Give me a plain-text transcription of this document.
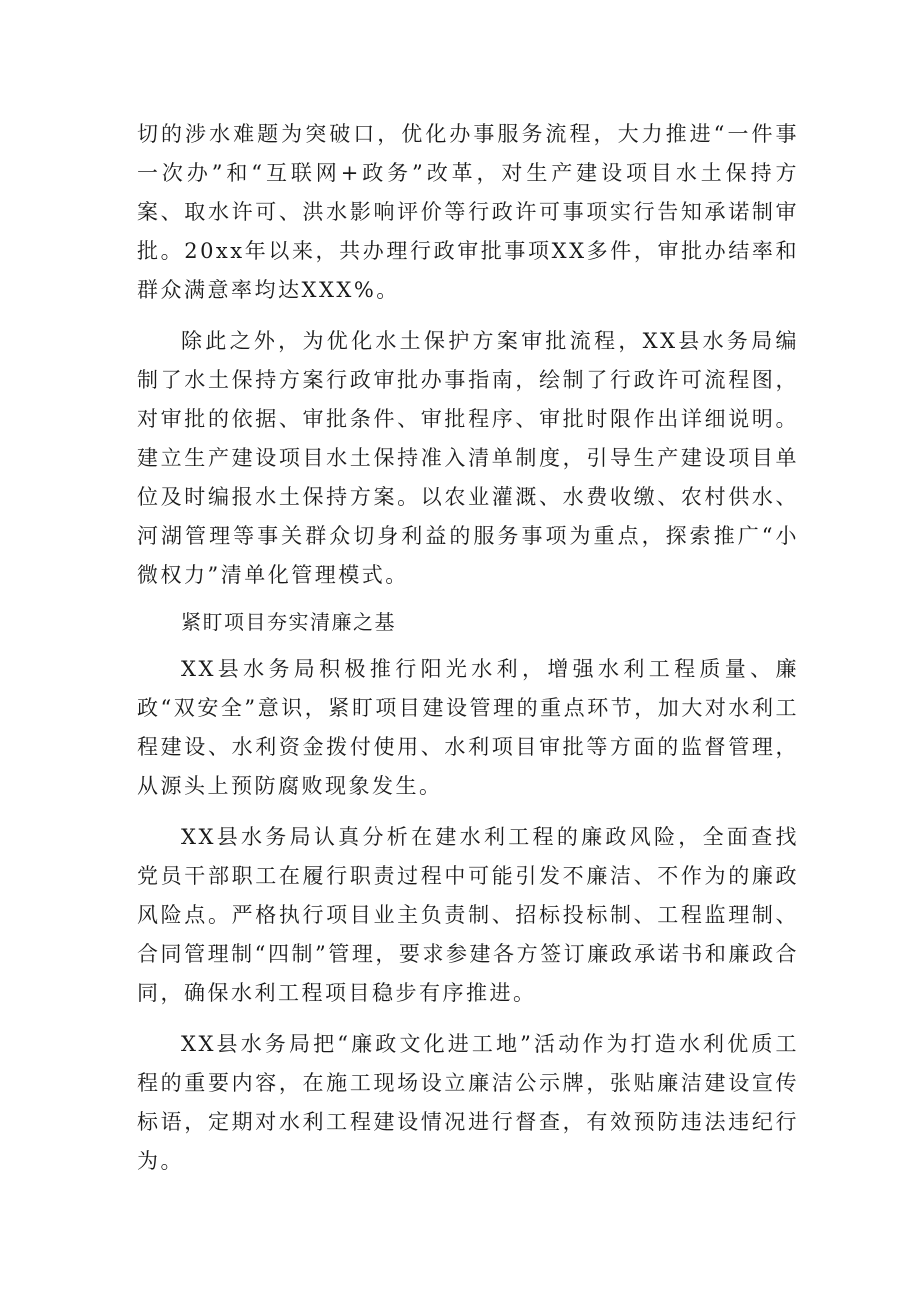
切的涉水难题为突破口，优化办事服务流程，大力推进“一件事一次办”和“互联网+政务”改革，对生产建设项目水土保持方案、取水许可、洪水影响评价等行政许可事项实行告知承诺制审批。20xx年以来，共办理行政审批事项XX多件，审批办结率和群众满意率均达XXX%。

除此之外，为优化水土保护方案审批流程，XX县水务局编制了水土保持方案行政审批办事指南，绘制了行政许可流程图，对审批的依据、审批条件、审批程序、审批时限作出详细说明。建立生产建设项目水土保持准入清单制度，引导生产建设项目单位及时编报水土保持方案。以农业灌溉、水费收缴、农村供水、河湖管理等事关群众切身利益的服务事项为重点，探索推广“小微权力”清单化管理模式。

紧盯项目夯实清廉之基

XX县水务局积极推行阳光水利，增强水利工程质量、廉政“双安全”意识，紧盯项目建设管理的重点环节，加大对水利工程建设、水利资金拨付使用、水利项目审批等方面的监督管理，从源头上预防腐败现象发生。

XX县水务局认真分析在建水利工程的廉政风险，全面查找党员干部职工在履行职责过程中可能引发不廉洁、不作为的廉政风险点。严格执行项目业主负责制、招标投标制、工程监理制、合同管理制“四制”管理，要求参建各方签订廉政承诺书和廉政合同，确保水利工程项目稳步有序推进。

XX县水务局把“廉政文化进工地”活动作为打造水利优质工程的重要内容，在施工现场设立廉洁公示牌，张贴廉洁建设宣传标语，定期对水利工程建设情况进行督查，有效预防违法违纪行为。
